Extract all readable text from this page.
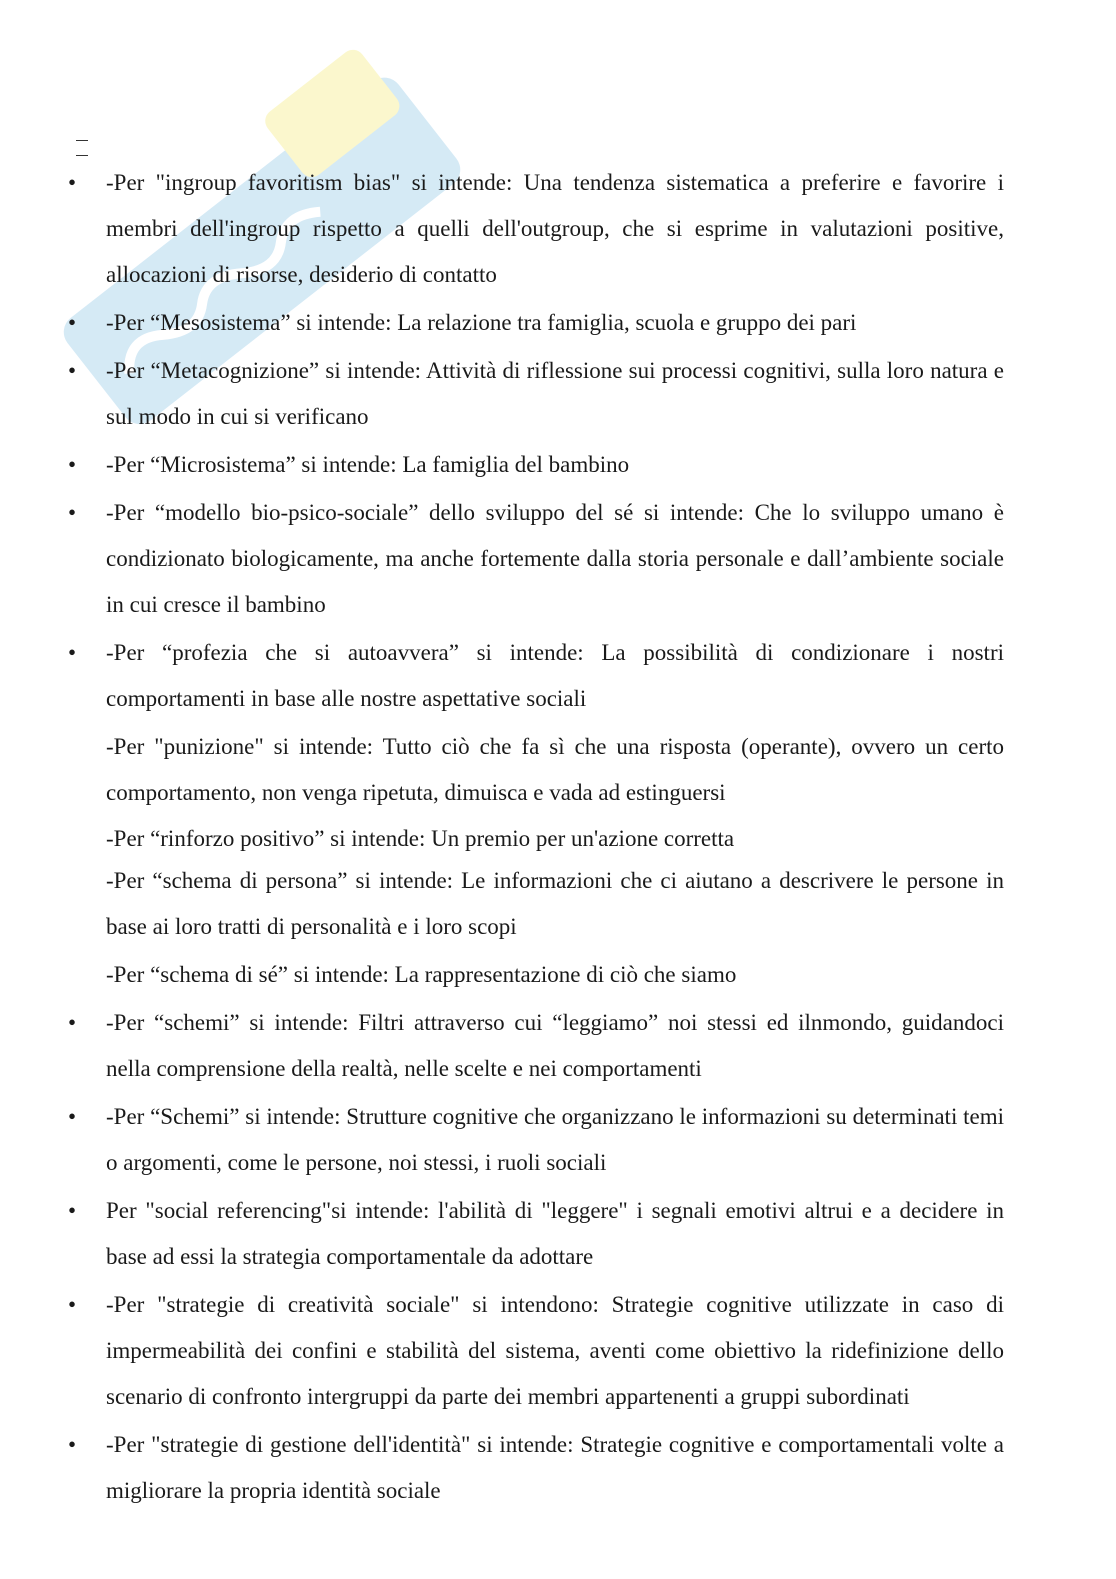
•	-Per "ingroup favoritism bias" si intende: Una tendenza sistematica a preferire e favorire i membri dell'ingroup rispetto a quelli dell'outgroup, che si esprime in valutazioni positive, allocazioni di risorse, desiderio di contatto
•	-Per “Mesosistema” si intende: La relazione tra famiglia, scuola e gruppo dei pari
•	-Per “Metacognizione” si intende: Attività di riflessione sui processi cognitivi, sulla loro natura e sul modo in cui si verificano
•	-Per “Microsistema” si intende: La famiglia del bambino
•	-Per “modello bio-psico-sociale” dello sviluppo del sé si intende: Che lo sviluppo umano è condizionato biologicamente, ma anche fortemente dalla storia personale e dall’ambiente sociale in cui cresce il bambino
•	-Per “profezia che si autoavvera” si intende: La possibilità di condizionare i nostri comportamenti in base alle nostre aspettative sociali
-Per "punizione" si intende: Tutto ciò che fa sì che una risposta (operante), ovvero un certo comportamento, non venga ripetuta, dimuisca e vada ad estinguersi
-Per “rinforzo positivo” si intende: Un premio per un'azione corretta
-Per “schema di persona” si intende: Le informazioni che ci aiutano a descrivere le persone in base ai loro tratti di personalità e i loro scopi
-Per “schema di sé” si intende: La rappresentazione di ciò che siamo
•	-Per “schemi” si intende: Filtri attraverso cui “leggiamo” noi stessi ed ilnmondo, guidandoci nella comprensione della realtà, nelle scelte e nei comportamenti
•	-Per “Schemi” si intende: Strutture cognitive che organizzano le informazioni su determinati temi o argomenti, come le persone, noi stessi, i ruoli sociali
•	Per "social referencing"si intende: l'abilità di "leggere" i segnali emotivi altrui e a decidere in base ad essi la strategia comportamentale da adottare
•	-Per "strategie di creatività sociale" si intendono: Strategie cognitive utilizzate in caso di impermeabilità dei confini e stabilità del sistema, aventi come obiettivo la ridefinizione dello scenario di confronto intergruppi da parte dei membri appartenenti a gruppi subordinati
•	-Per "strategie di gestione dell'identità" si intende: Strategie cognitive e comportamentali volte a migliorare la propria identità sociale
